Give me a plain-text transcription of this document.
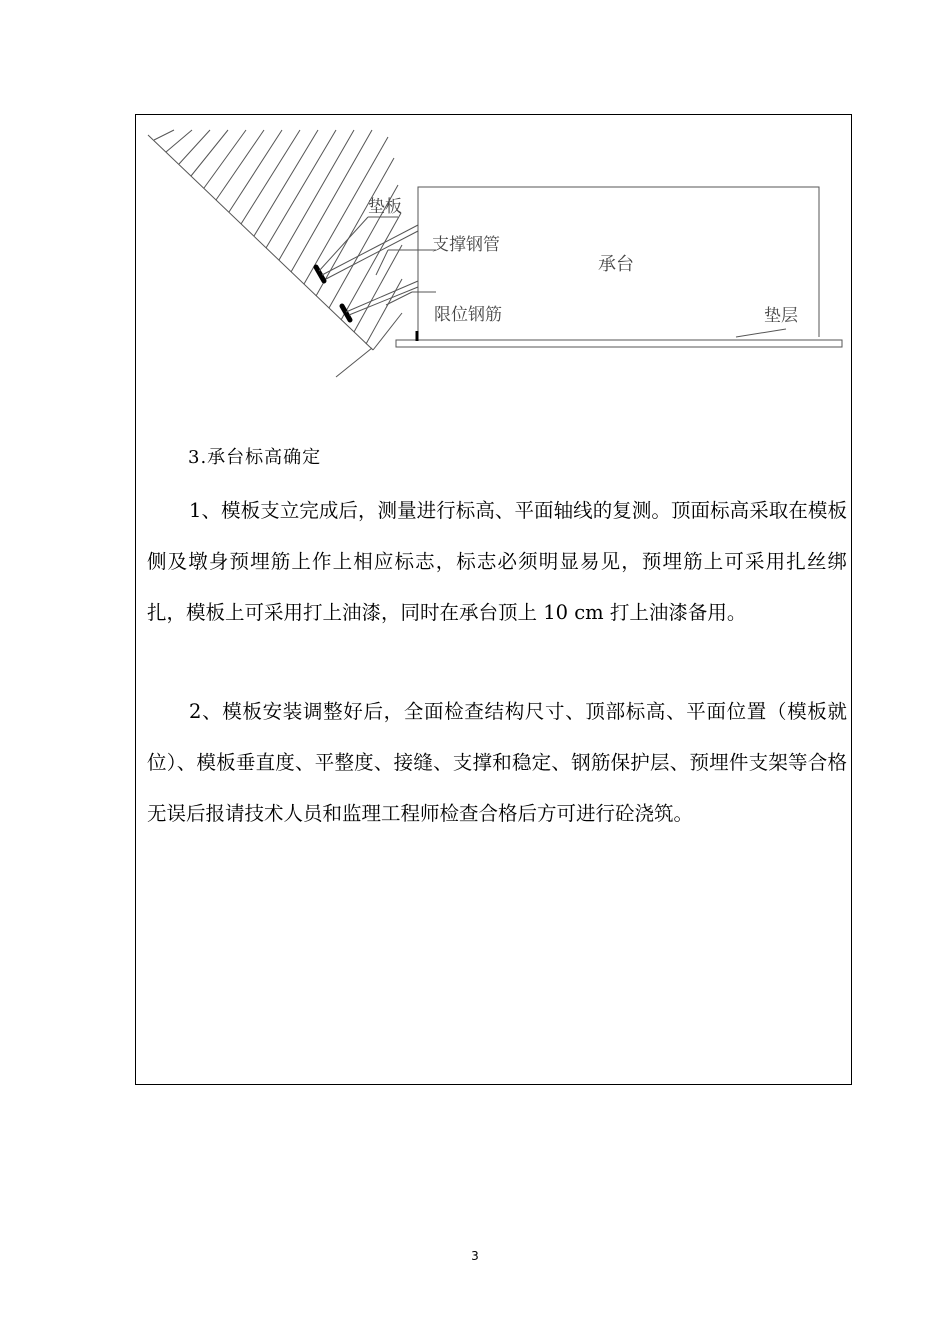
垫板
支撑钢管
承台
限位钢筋	垫层
3.承台标高确定

1、模板支立完成后，测量进行标高、平面轴线的复测。顶面标高采取在模板侧及墩身预埋筋上作上相应标志，标志必须明显易见，预埋筋上可采用扎丝绑扎，模板上可采用打上油漆，同时在承台顶上 10 cm 打上油漆备用。

2、模板安装调整好后，全面检查结构尺寸、顶部标高、平面位置（模板就位）、模板垂直度、平整度、接缝、支撑和稳定、钢筋保护层、预埋件支架等合格无误后报请技术人员和监理工程师检查合格后方可进行砼浇筑。

3
